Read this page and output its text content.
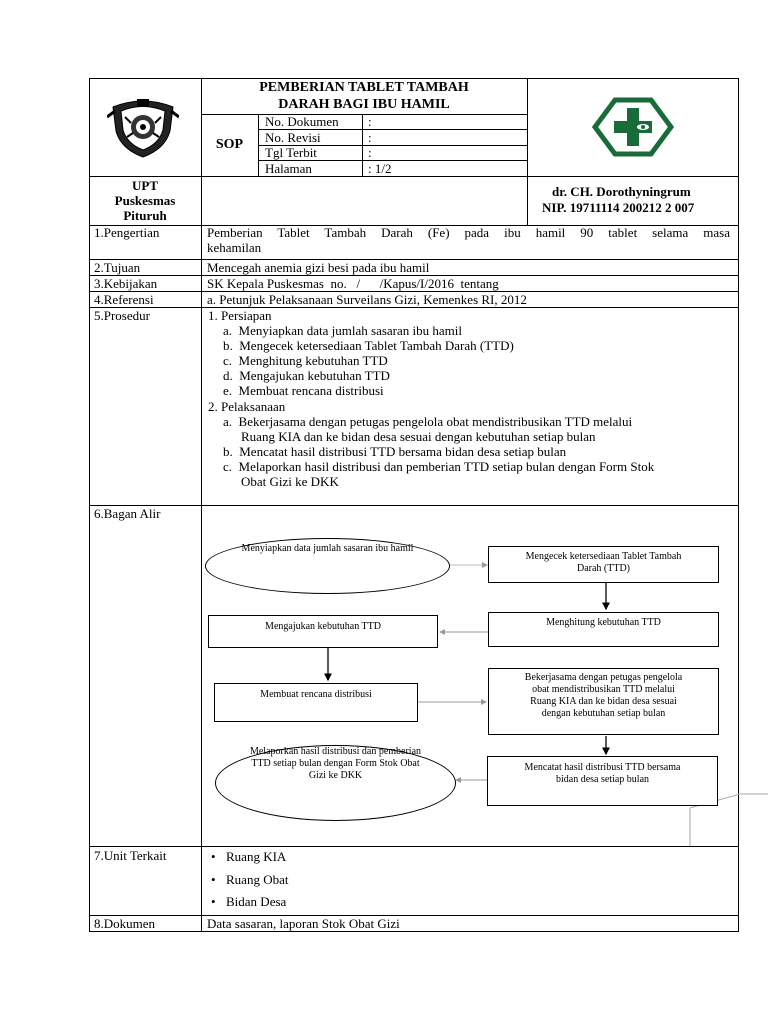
PEMBERIAN TABLET TAMBAH
DARAH BAGI IBU HAMIL
SOP
No. Dokumen :
No. Revisi	:
Tgl Terbit	:
Halaman	: 1/2
UPT
Puskesmas
Pituruh
dr. CH. Dorothyningrum
NIP. 19711114 200212 2 007
1.Pengertian	Pemberian Tablet Tambah Darah (Fe) pada ibu hamil 90 tablet selama masa
kehamilan
2.Tujuan	Mencegah anemia gizi besi pada ibu hamil
3.Kebijakan	SK Kepala Puskesmas  no.   /      /Kapus/I/2016  tentang
4.Referensi	a. Petunjuk Pelaksanaan Surveilans Gizi, Kemenkes RI, 2012
5.Prosedur	1. Persiapan
a.  Menyiapkan data jumlah sasaran ibu hamil
b.  Mengecek ketersediaan Tablet Tambah Darah (TTD)
c.  Menghitung kebutuhan TTD
d.  Mengajukan kebutuhan TTD
e.  Membuat rencana distribusi
2. Pelaksanaan
a.  Bekerjasama dengan petugas pengelola obat mendistribusikan TTD melalui
Ruang KIA dan ke bidan desa sesuai dengan kebutuhan setiap bulan
b.  Mencatat hasil distribusi TTD bersama bidan desa setiap bulan
c.  Melaporkan hasil distribusi dan pemberian TTD setiap bulan dengan Form Stok
Obat Gizi ke DKK
6.Bagan Alir
Menyiapkan data jumlah sasaran ibu hamil
Mengecek ketersediaan Tablet Tambah
Darah (TTD)
Menghitung kebutuhan TTD
Mengajukan kebutuhan TTD
Membuat rencana distribusi
Bekerjasama dengan petugas pengelola
obat mendistribusikan TTD melalui
Ruang KIA dan ke bidan desa sesuai
dengan kebutuhan setiap bulan
Mencatat hasil distribusi TTD bersama
bidan desa setiap bulan
Melaporkan hasil distribusi dan pemberian
TTD setiap bulan dengan Form Stok Obat
Gizi ke DKK
7.Unit Terkait	• Ruang KIA
• Ruang Obat
• Bidan Desa
8.Dokumen	Data sasaran, laporan Stok Obat Gizi
